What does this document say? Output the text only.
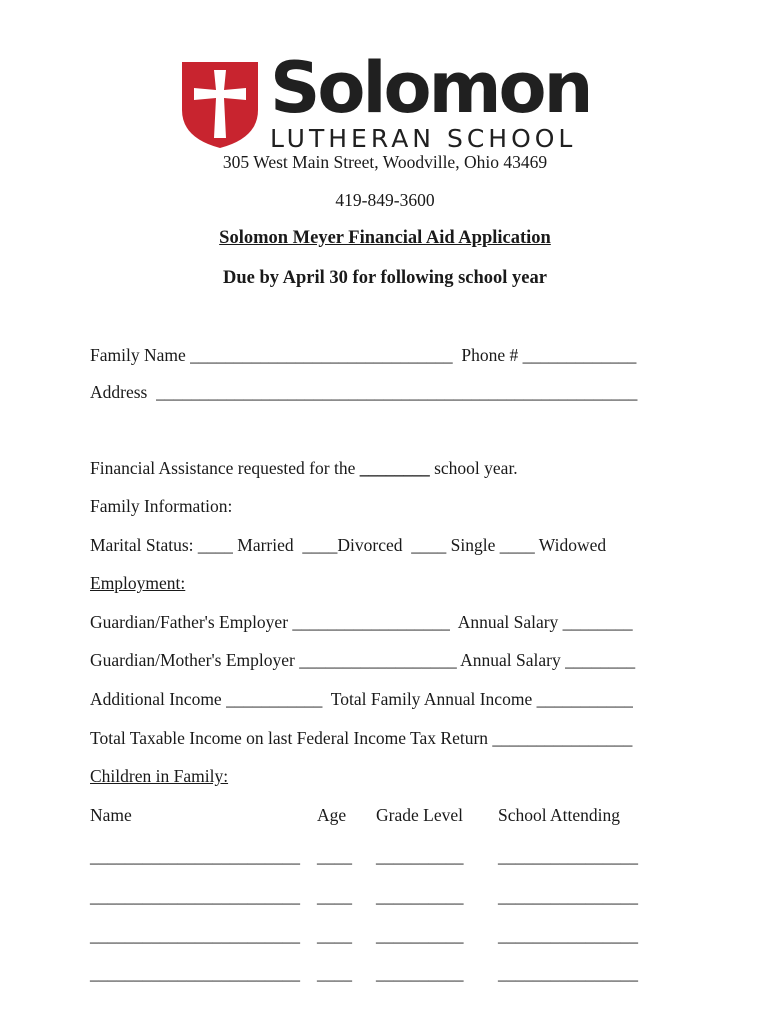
Solomon
LUTHERAN SCHOOL
305 West Main Street, Woodville, Ohio 43469
419-849-3600
Solomon Meyer Financial Aid Application
Due by April 30 for following school year
Family Name ______________________________  Phone # _____________
Address  _______________________________________________________
Financial Assistance requested for the ________ school year.
Family Information:
Marital Status: ____ Married  ____Divorced  ____ Single ____ Widowed
Employment:
Guardian/Father's Employer __________________  Annual Salary ________
Guardian/Mother's Employer __________________ Annual Salary ________
Additional Income ___________  Total Family Annual Income ___________
Total Taxable Income on last Federal Income Tax Return ________________
Children in Family:
Name	Age Grade Level School Attending
________________________ ____ __________ ________________
________________________ ____ __________ ________________
________________________ ____ __________ ________________
________________________ ____ __________ ________________
